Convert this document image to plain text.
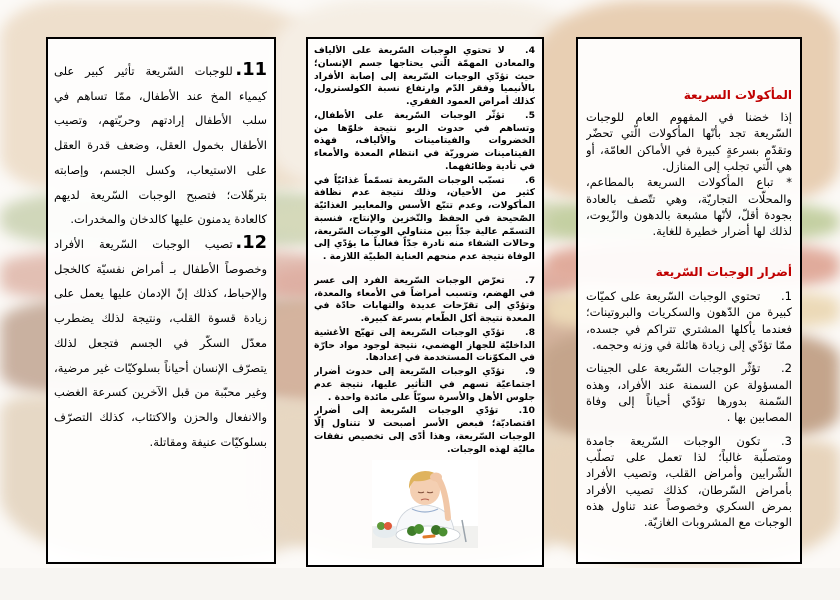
المأكولات السريعة

إذا خضنا في المفهوم العام للوجبات السّريعة تجد بأنّها المأكولات الّتي تحضّر وتقدّم بسرعةٍ كبيرة في الأماكن العامّة، أو هي الّتي تجلب إلى المنازل.

* تباع المأكولات السريعة بالمطاعم، والمحلّات التجاريّة، وهي تتّصف بالعادة بجودة أقلّ، لأنّها مشبعة بالدهون والزّيوت، لذلك لها أضرار خطيرة للغاية.

أضرار الوجبات السّريعة

1.تحتوي الوجبات السّريعة على كميّات كبيرة من الدّهون والسكريات والبروتينات؛ فعندما يأكلها المشتري تتراكم في جسده، ممّا تؤدّي إلى زيادة هائلة في وزنه وحجمه.

2.تؤثّر الوجبات السّريعة على الجينات المسؤولة عن السمنة عند الأفراد، وهذه السّمنة بدورها تؤدّي أحياناً إلى وفاة المصابين بها .

3.تكون الوجبات السّريعة جامدة ومتصلّبة غالباً؛ لذا تعمل على تصلّب الشّرايين وأمراض القلب، وتصيب الأفراد بأمراض السّرطان، كذلك تصيب الأفراد بمرض السكري وخصوصاً عند تناول هذه الوجبات مع المشروبات الغازيّة.

4.لا تحتوي الوجبات السّريعة على الألياف والمعادن المهمّة الّتي يحتاجها جسم الإنسان؛ حيث تؤدّي الوجبات السّريعة إلى إصابة الأفراد بالأنيميا وفقر الدّم وارتفاع نسبة الكولسترول، كذلك أمراض العمود الفقري.

5.تؤثّر الوجبات السّريعة على الأطفال، وتساهم في حدوث الربو نتيجة خلوّها من الخضروات والفيتامينات والألياف، فهذه الفيتامينات ضروريّة في انتظام المعدة والأمعاء في تأدية وظائفهما.

6.تسبّب الوجبات السّريعة تسمّماً غذائيّاً في كثير من الأحيان، وذلك نتيجة عدم نظافة المأكولات، وعدم تتبّع الأسس والمعايير الغذائيّة الصّحيحة في الحفظ والتّخزين والإنتاج، فنسبة التسمّم عالية جدّاً بين متناولي الوجبات السّريعة، وحالات الشفاء منه نادرة جدّاً فغالباً ما يؤدّي إلى الوفاة نتيجة عدم منحهم العناية الطبيّة اللازمة .

7.تعرّض الوجبات السّريعة الفرد إلى عسر في الهضم، وتسبب أمراضاً في الأمعاء والمعدة، وتؤدّي إلى تقرّحات عديدة والتهابات حادّة في المعدة نتيجة أكل الطّعام بسرعة كبيرة.

8.تؤدّي الوجبات السّريعة إلى تهيّج الأغشية الداخليّة للجهاز الهضمي، نتيجة لوجود مواد حارّة في المكوّنات المستخدمة في إعدادها.

9.تؤدّي الوجبات السّريعة إلى حدوث أضرار اجتماعيّة تسهم في التأثير عليها، نتيجة عدم جلوس الأهل والأسرة سويّاً على مائدة واحدة .

10.تؤدّي الوجبات السّريعة إلى أضرار اقتصاديّة؛ فبعض الأسر أصبحت لا تتناول إلّا الوجبات السّريعة، وهذا أدّى إلى تخصيص نفقات ماليّة لهذه الوجبات.

11.للوجبات السّريعة تأثير كبير على كيمياء المخ عند الأطفال، ممّا تساهم في سلب الأطفال إرادتهم وحريّتهم، وتصيب الأطفال بخمول العقل، وضعف قدرة العقل على الاستيعاب، وكسل الجسم، وإصابته بترهّلات؛ فتصبح الوجبات السّريعة لديهم كالعادة يدمنون عليها كالدخان والمخدرات.

12.تصيب الوجبات السّريعة الأفراد وخصوصاً الأطفال بـ أمراض نفسيّة كالخجل والإحباط، كذلك إنّ الإدمان عليها يعمل على زيادة قسوة القلب، ونتيجة لذلك يضطرب معدّل السكّر في الجسم فتجعل لذلك يتصرّف الإنسان أحياناً بسلوكيّات غير مرضية، وغير محبّبة من قبل الآخرين كسرعة الغضب والانفعال والحزن والاكتئاب، كذلك التصرّف بسلوكيّات عنيفة ومقاتلة.
